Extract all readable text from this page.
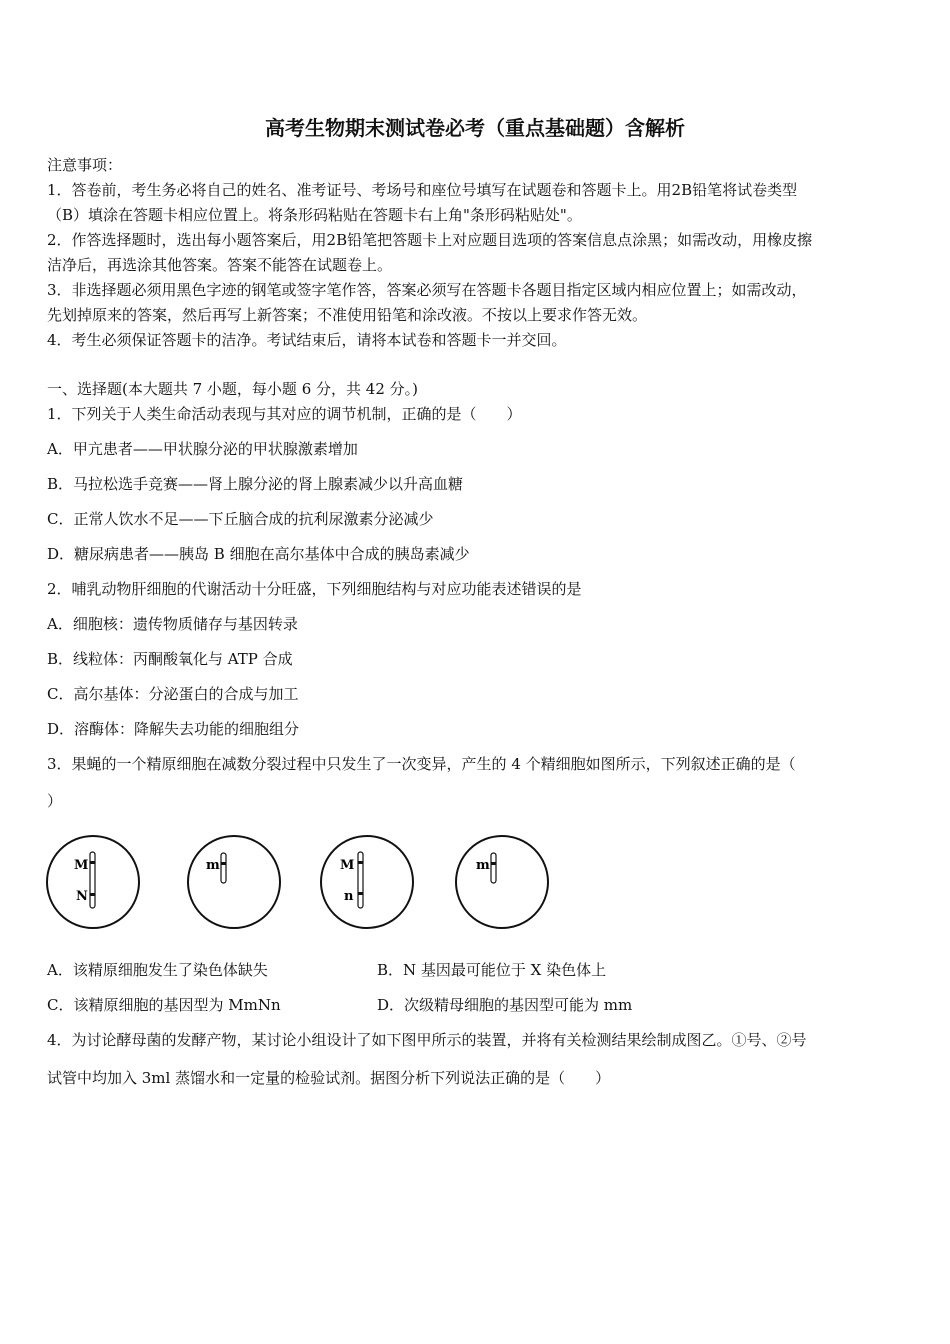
高考生物期末测试卷必考（重点基础题）含解析
注意事项：
1．答卷前，考生务必将自己的姓名、准考证号、考场号和座位号填写在试题卷和答题卡上。用2B铅笔将试卷类型
（B）填涂在答题卡相应位置上。将条形码粘贴在答题卡右上角"条形码粘贴处"。
2．作答选择题时，选出每小题答案后，用2B铅笔把答题卡上对应题目选项的答案信息点涂黑；如需改动，用橡皮擦
洁净后，再选涂其他答案。答案不能答在试题卷上。
3．非选择题必须用黑色字迹的钢笔或签字笔作答，答案必须写在答题卡各题目指定区域内相应位置上；如需改动，
先划掉原来的答案，然后再写上新答案；不准使用铅笔和涂改液。不按以上要求作答无效。
4．考生必须保证答题卡的洁净。考试结束后，请将本试卷和答题卡一并交回。
一、选择题(本大题共 7 小题，每小题 6 分，共 42 分。)
1．下列关于人类生命活动表现与其对应的调节机制，正确的是（　　）
A．甲亢患者——甲状腺分泌的甲状腺激素增加
B．马拉松选手竞赛——肾上腺分泌的肾上腺素减少以升高血糖
C．正常人饮水不足——下丘脑合成的抗利尿激素分泌减少
D．糖尿病患者——胰岛 B 细胞在高尔基体中合成的胰岛素减少
2．哺乳动物肝细胞的代谢活动十分旺盛，下列细胞结构与对应功能表述错误的是
A．细胞核：遗传物质储存与基因转录
B．线粒体：丙酮酸氧化与 ATP 合成
C．高尔基体：分泌蛋白的合成与加工
D．溶酶体：降解失去功能的细胞组分
3．果蝇的一个精原细胞在减数分裂过程中只发生了一次变异，产生的 4 个精细胞如图所示，下列叙述正确的是（
）
M
N
m	M
n
m
A．该精原细胞发生了染色体缺失	B．N 基因最可能位于 X 染色体上
C．该精原细胞的基因型为 MmNn	D．次级精母细胞的基因型可能为 mm
4．为讨论酵母菌的发酵产物，某讨论小组设计了如下图甲所示的装置，并将有关检测结果绘制成图乙。①号、②号
试管中均加入 3ml 蒸馏水和一定量的检验试剂。据图分析下列说法正确的是（　　）
